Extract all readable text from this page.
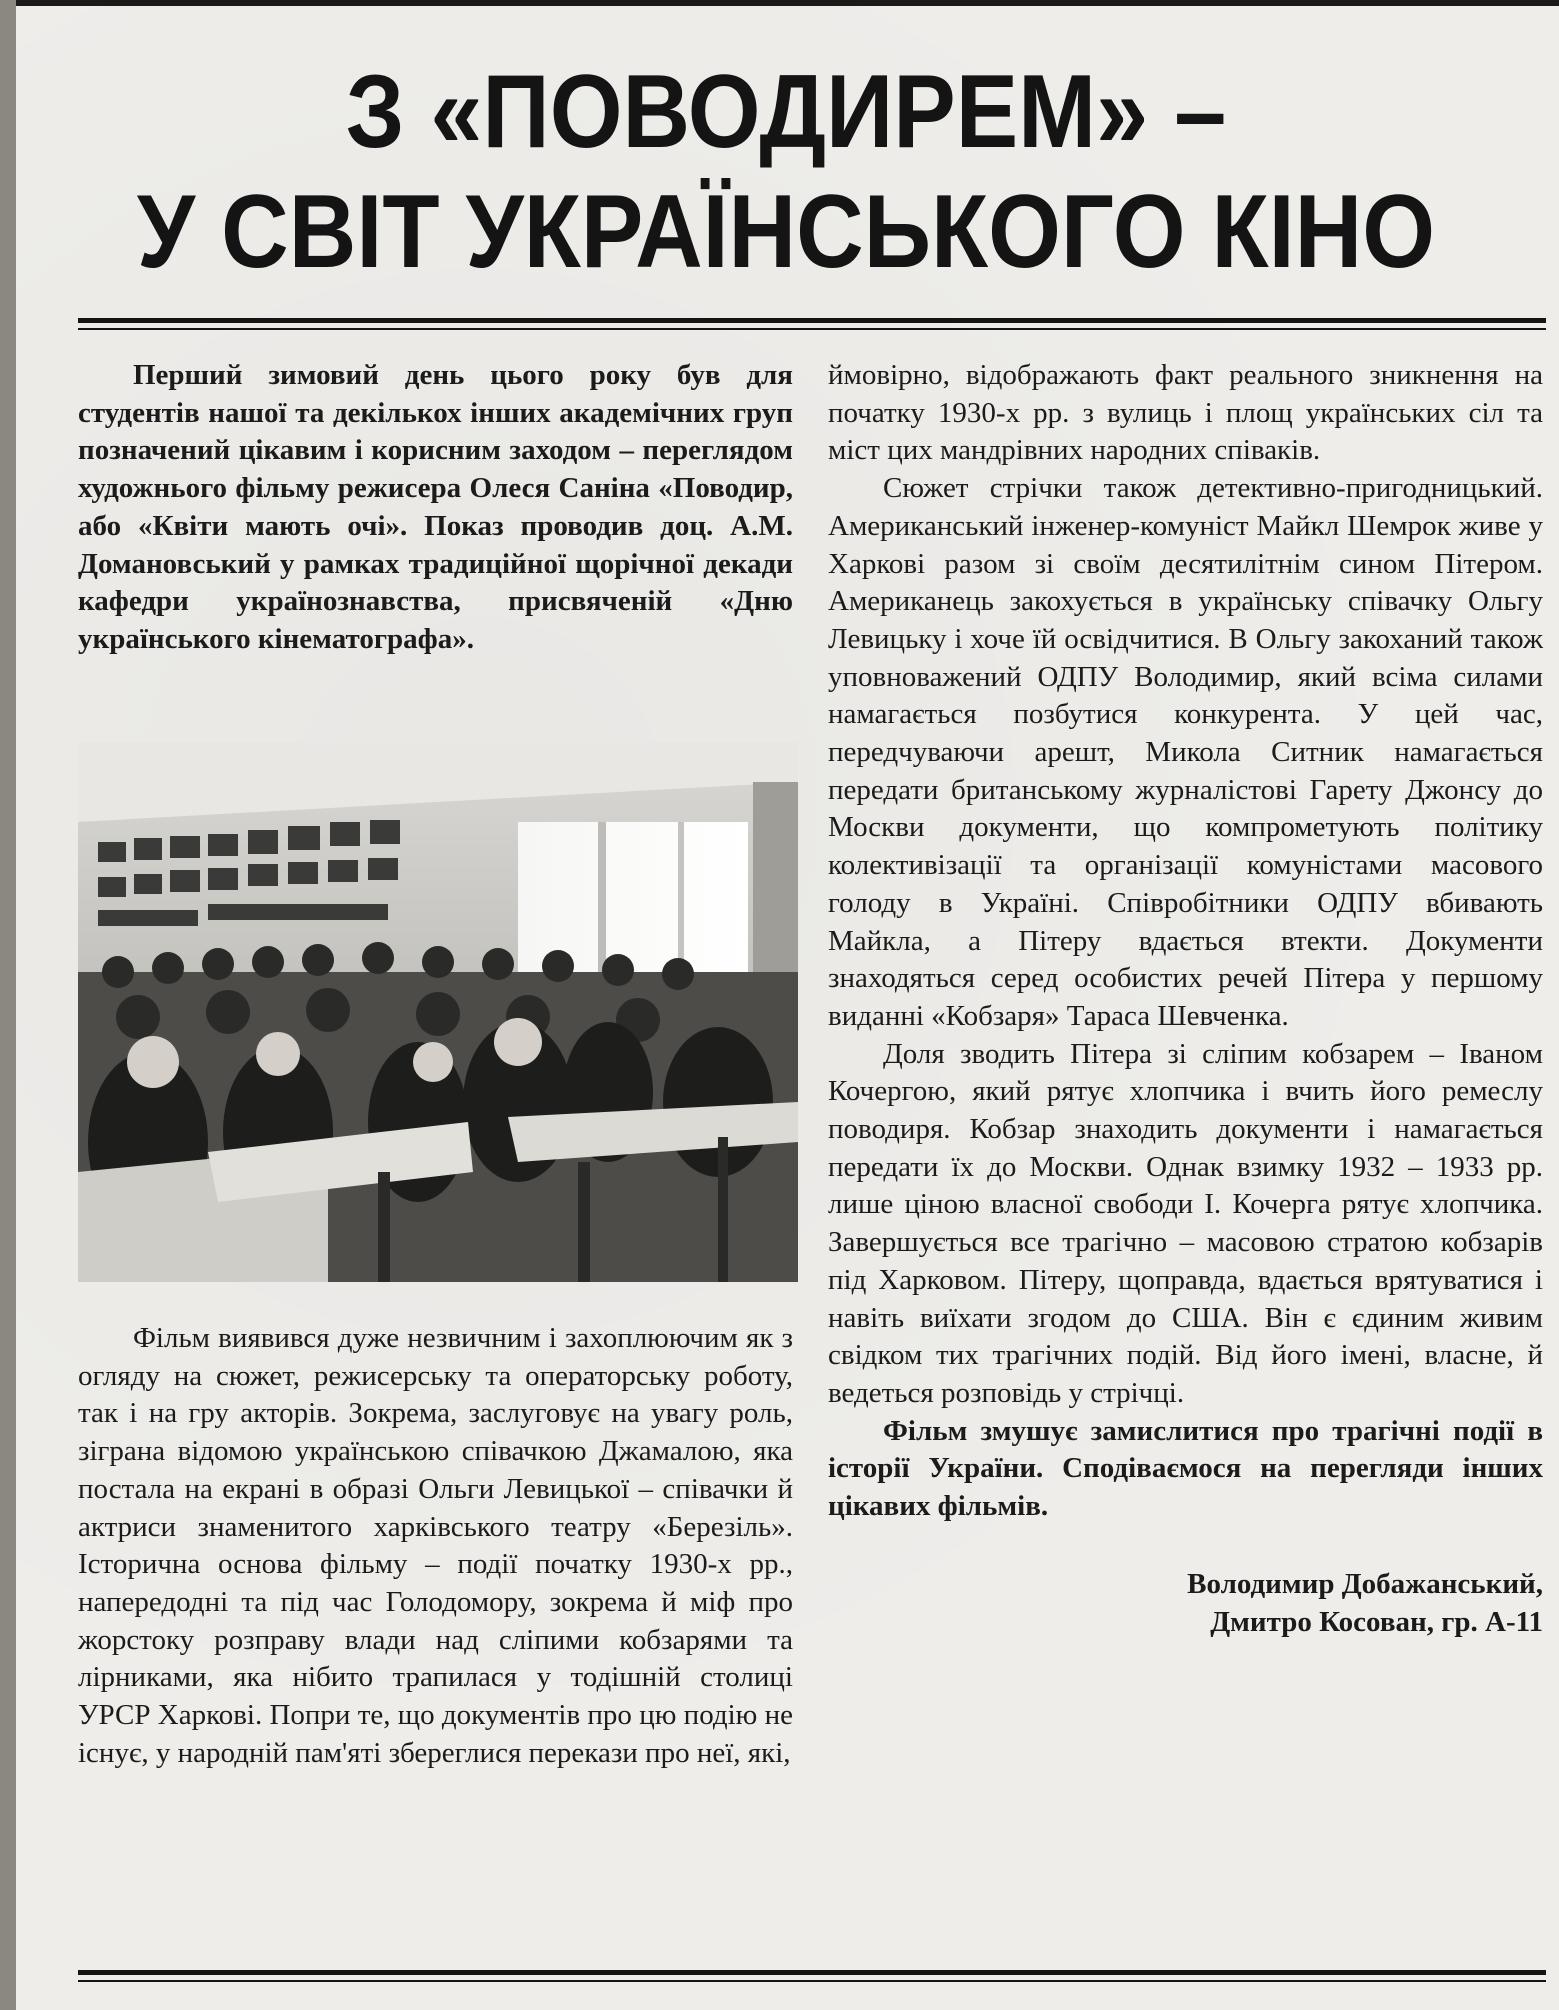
З «ПОВОДИРЕМ» –
У СВІТ УКРАЇНСЬКОГО КІНО

Перший зимовий день цього року був для студентів нашої та декількох інших академічних груп позначений цікавим і корисним заходом – переглядом художнього фільму режисера Олеся Саніна «Поводир, або «Квіти мають очі». Показ проводив доц. А.М. Домановський у рамках традиційної щорічної декади кафедри українознавства, присвяченій «Дню українського кінематографа».

Фільм виявився дуже незвичним і захоплюючим як з огляду на сюжет, режисерську та операторську роботу, так і на гру акторів. Зокрема, заслуговує на увагу роль, зіграна відомою українською співачкою Джамалою, яка постала на екрані в образі Ольги Левицької – співачки й актриси знаменитого харківського театру «Березіль». Історична основа фільму – події початку 1930-х рр., напередодні та під час Голодомору, зокрема й міф про жорстоку розправу влади над сліпими кобзарями та лірниками, яка нібито трапилася у тодішній столиці УРСР Харкові. Попри те, що документів про цю подію не існує, у народній пам'яті збереглися перекази про неї, які,

ймовірно, відображають факт реального зникнення на початку 1930-х рр. з вулиць і площ українських сіл та міст цих мандрівних народних співаків.

Сюжет стрічки також детективно-пригодницький. Американський інженер-комуніст Майкл Шемрок живе у Харкові разом зі своїм десятилітнім сином Пітером. Американець закохується в українську співачку Ольгу Левицьку і хоче їй освідчитися. В Ольгу закоханий також уповноважений ОДПУ Володимир, який всіма силами намагається позбутися конкурента. У цей час, передчуваючи арешт, Микола Ситник намагається передати британському журналістові Гарету Джонсу до Москви документи, що компрометують політику колективізації та організації комуністами масового голоду в Україні. Співробітники ОДПУ вбивають Майкла, а Пітеру вдається втекти. Документи знаходяться серед особистих речей Пітера у першому виданні «Кобзаря» Тараса Шевченка.

Доля зводить Пітера зі сліпим кобзарем – Іваном Кочергою, який рятує хлопчика і вчить його ремеслу поводиря. Кобзар знаходить документи і намагається передати їх до Москви. Однак взимку 1932 – 1933 рр. лише ціною власної свободи І. Кочерга рятує хлопчика. Завершується все трагічно – масовою стратою кобзарів під Харковом. Пітеру, щоправда, вдається врятуватися і навіть виїхати згодом до США. Він є єдиним живим свідком тих трагічних подій. Від його імені, власне, й ведеться розповідь у стрічці.

Фільм змушує замислитися про трагічні події в історії України. Сподіваємося на перегляди інших цікавих фільмів.

Володимир Добажанський,

Дмитро Косован, гр. А-11
